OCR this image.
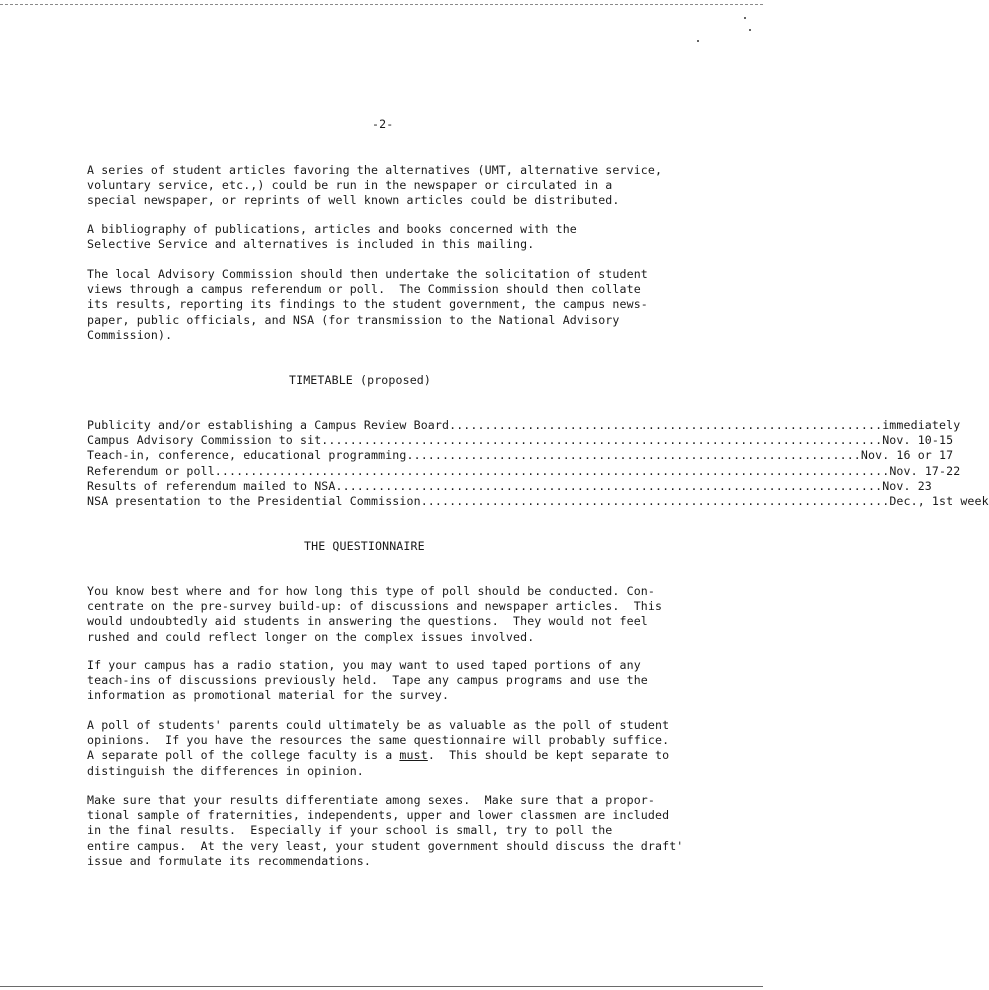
-2-
A series of student articles favoring the alternatives (UMT, alternative service,
voluntary service, etc.,) could be run in the newspaper or circulated in a
special newspaper, or reprints of well known articles could be distributed.
A bibliography of publications, articles and books concerned with the
Selective Service and alternatives is included in this mailing.
The local Advisory Commission should then undertake the solicitation of student
views through a campus referendum or poll.  The Commission should then collate
its results, reporting its findings to the student government, the campus news-
paper, public officials, and NSA (for transmission to the National Advisory
Commission).
TIMETABLE (proposed)
Publicity and/or establishing a Campus Review Board............................................................. immediately
Campus Advisory Commission to sit............................................................................... Nov. 10-15
Teach-in, conference, educational programming................................................................ Nov. 16 or 17
Referendum or poll............................................................................................... Nov. 17-22
Results of referendum mailed to NSA............................................................................. Nov. 23
NSA presentation to the Presidential Commission.................................................................. Dec., 1st week
THE QUESTIONNAIRE
You know best where and for how long this type of poll should be conducted. Con-
centrate on the pre-survey build-up: of discussions and newspaper articles.  This
would undoubtedly aid students in answering the questions.  They would not feel
rushed and could reflect longer on the complex issues involved.
If your campus has a radio station, you may want to used taped portions of any
teach-ins of discussions previously held.  Tape any campus programs and use the
information as promotional material for the survey.
A poll of students' parents could ultimately be as valuable as the poll of student
opinions.  If you have the resources the same questionnaire will probably suffice.
A separate poll of the college faculty is a must.  This should be kept separate to
distinguish the differences in opinion.
Make sure that your results differentiate among sexes.  Make sure that a propor-
tional sample of fraternities, independents, upper and lower classmen are included
in the final results.  Especially if your school is small, try to poll the
entire campus.  At the very least, your student government should discuss the draft'
issue and formulate its recommendations.
